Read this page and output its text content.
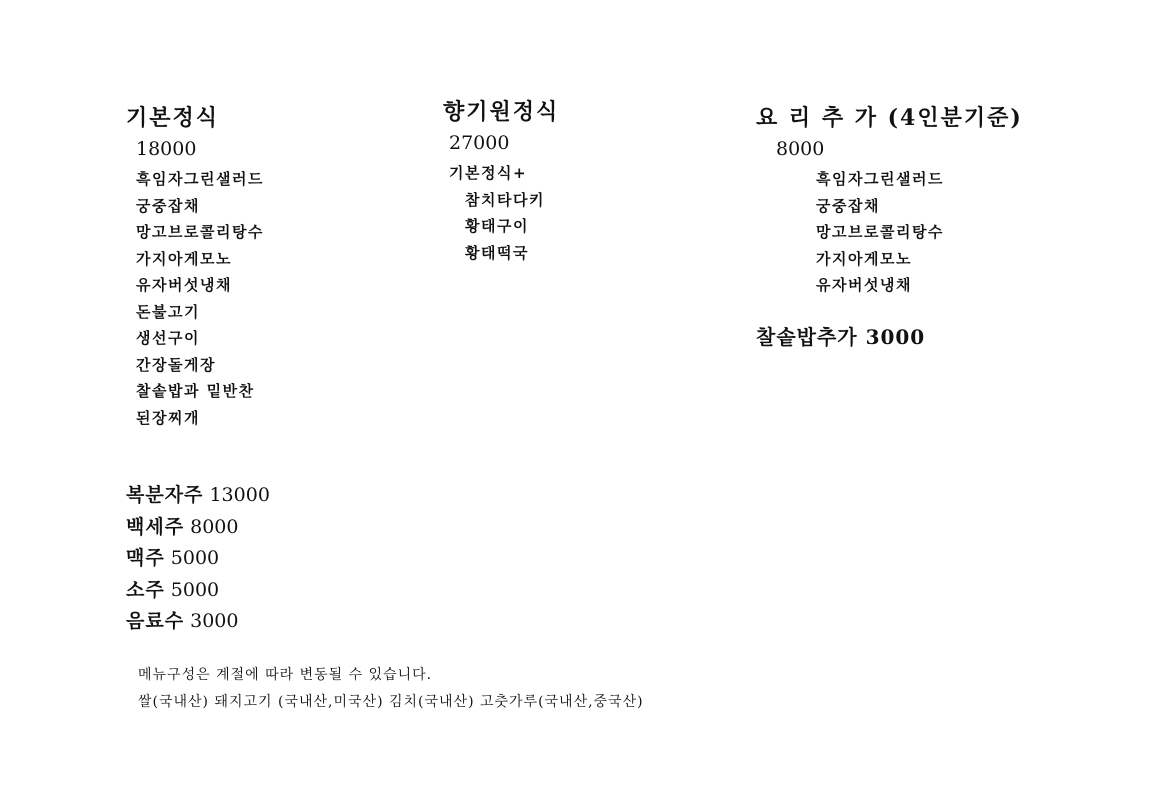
기본정식
18000
흑임자그린샐러드
궁중잡채
망고브로콜리탕수
가지아게모노
유자버섯냉채
돈불고기
생선구이
간장돌게장
찰솥밥과 밑반찬
된장찌개
향기원정식
27000
기본정식+
참치타다키
황태구이
황태떡국
요 리 추 가 (4인분기준)
8000
흑임자그린샐러드
궁중잡채
망고브로콜리탕수
가지아게모노
유자버섯냉채
찰솥밥추가 3000
복분자주 13000
백세주 8000
맥주 5000
소주 5000
음료수 3000

메뉴구성은 계절에 따라 변동될 수 있습니다.

쌀(국내산) 돼지고기 (국내산,미국산) 김치(국내산) 고춧가루(국내산,중국산)
